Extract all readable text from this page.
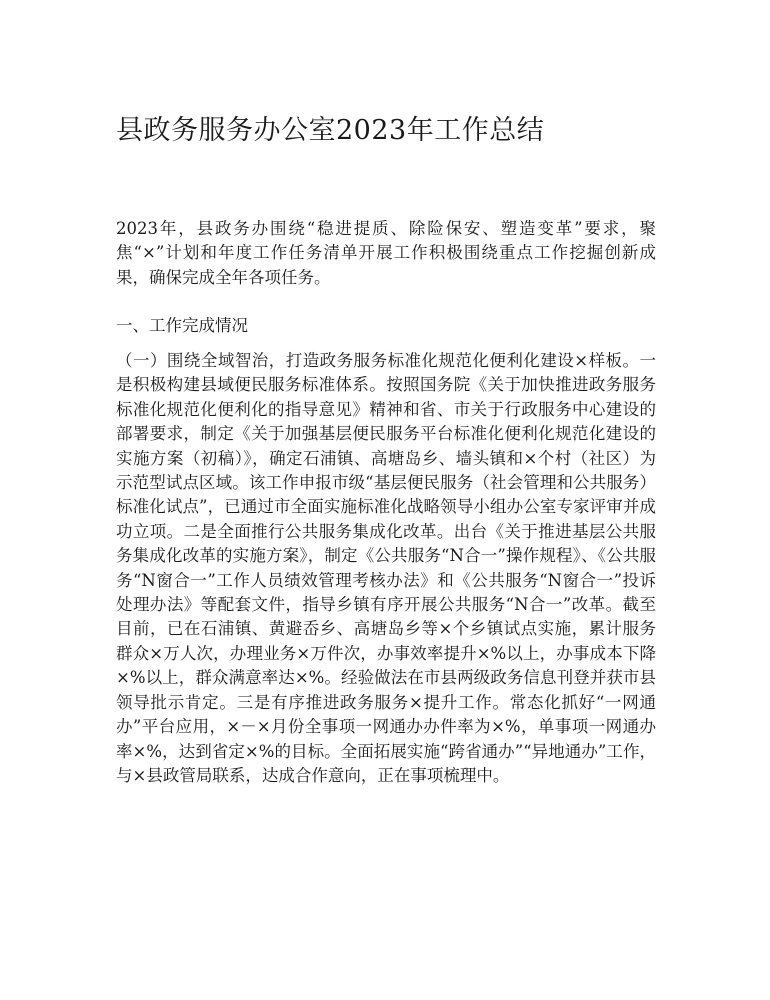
县政务服务办公室2023年工作总结

2023年，县政务办围绕“稳进提质、除险保安、塑造变革”要求，聚焦“×”计划和年度工作任务清单开展工作积极围绕重点工作挖掘创新成果，确保完成全年各项任务。

一、工作完成情况

（一）围绕全域智治，打造政务服务标准化规范化便利化建设×样板。一是积极构建县域便民服务标准体系。按照国务院《关于加快推进政务服务标准化规范化便利化的指导意见》精神和省、市关于行政服务中心建设的部署要求，制定《关于加强基层便民服务平台标准化便利化规范化建设的实施方案（初稿）》，确定石浦镇、高塘岛乡、墙头镇和×个村（社区）为示范型试点区域。该工作申报市级“基层便民服务（社会管理和公共服务）标准化试点”，已通过市全面实施标准化战略领导小组办公室专家评审并成功立项。二是全面推行公共服务集成化改革。出台《关于推进基层公共服务集成化改革的实施方案》，制定《公共服务“N合一”操作规程》、《公共服务“N窗合一”工作人员绩效管理考核办法》和《公共服务“N窗合一”投诉处理办法》等配套文件，指导乡镇有序开展公共服务“N合一”改革。截至目前，已在石浦镇、黄避岙乡、高塘岛乡等×个乡镇试点实施，累计服务群众×万人次，办理业务×万件次，办事效率提升×%以上，办事成本下降×%以上，群众满意率达×%。经验做法在市县两级政务信息刊登并获市县领导批示肯定。三是有序推进政务服务×提升工作。常态化抓好“一网通办”平台应用，×－×月份全事项一网通办办件率为×%，单事项一网通办率×%，达到省定×%的目标。全面拓展实施“跨省通办”“异地通办”工作，与×县政管局联系，达成合作意向，正在事项梳理中。
